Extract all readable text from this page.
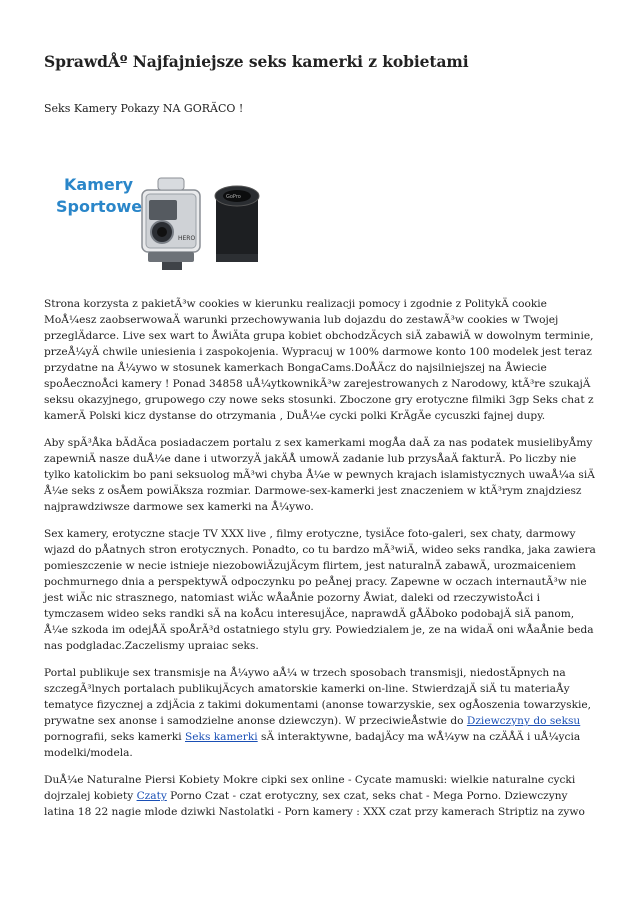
SprawdÅº Najfajniejsze seks kamerki z kobietami

Seks Kamery Pokazy NA GORÄCO !

Kamery
Sportowe
HERO
GoPro

Strona korzysta z pakietÃ³w cookies w kierunku realizacji pomocy i zgodnie z PolitykÄ cookie MoÅ¼esz zaobserwowaÄ warunki przechowywania lub dojazdu do zestawÃ³w cookies w Twojej przeglÄdarce. Live sex wart to ÅwiÄta grupa kobiet obchodzÄcych siÄ zabawiÄ w dowolnym terminie, przeÅ¼yÄ chwile uniesienia i zaspokojenia. Wypracuj w 100% darmowe konto 100 modelek jest teraz przydatne na Å¼ywo w stosunek kamerkach BongaCams.DoÅÄcz do najsilniejszej na Åwiecie spoÅecznoÅci kamery ! Ponad 34858 uÅ¼ytkownikÃ³w zarejestrowanych z Narodowy, ktÃ³re szukajÄ seksu okazyjnego, grupowego czy nowe seks stosunki. Zboczone gry erotyczne filmiki 3gp Seks chat z kamerÄ Polski kicz dystanse do otrzymania , DuÅ¼e cycki polki KrÄgÄe cycuszki fajnej dupy.

Aby spÃ³Åka bÄdÄca posiadaczem portalu z sex kamerkami mogÅa daÄ za nas podatek musielibyÅmy zapewniÄ nasze duÅ¼e dane i utworzyÄ jakÄÅ umowÄ zadanie lub przysÅaÄ fakturÄ. Po liczby nie tylko katolickim bo pani seksuolog mÃ³wi chyba Å¼e w pewnych krajach islamistycznych uwaÅ¼a siÄ Å¼e seks z osÅem powiÄksza rozmiar. Darmowe-sex-kamerki jest znaczeniem w ktÃ³rym znajdziesz najprawdziwsze darmowe sex kamerki na Å¼ywo.

Sex kamery, erotyczne stacje TV XXX live , filmy erotyczne, tysiÄce foto-galeri, sex chaty, darmowy wjazd do pÅatnych stron erotycznych. Ponadto, co tu bardzo mÃ³wiÄ, wideo seks randka, jaka zawiera pomieszczenie w necie istnieje niezobowiÄzujÄcym flirtem, jest naturalnÄ zabawÄ, urozmaiceniem pochmurnego dnia a perspektywÄ odpoczynku po peÅnej pracy. Zapewne w oczach internautÃ³w nie jest wiÄc nic strasznego, natomiast wiÄc wÅaÅnie pozorny Åwiat, daleki od rzeczywistoÅci i tymczasem wideo seks randki sÄ na koÅcu interesujÄce, naprawdÄ gÅÄboko podobajÄ siÄ panom, Å¼e szkoda im odejÅÄ spoÅrÃ³d ostatniego stylu gry. Powiedzialem je, ze na widaÄ oni wÅaÅnie beda nas podgladac.Zaczelismy upraiac seks.

Portal publikuje sex transmisje na Å¼ywo aÅ¼ w trzech sposobach transmisji, niedostÄpnych na szczegÃ³lnych portalach publikujÄcych amatorskie kamerki on-line. StwierdzajÄ siÄ tu materiaÅy tematyce fizycznej a zdjÄcia z takimi dokumentami (anonse towarzyskie, sex ogÅoszenia towarzyskie, prywatne sex anonse i samodzielne anonse dziewczyn). W przeciwieÅstwie do Dziewczyny do seksu pornografii, seks kamerki Seks kamerki sÄ interaktywne, badajÄcy ma wÅ¼yw na czÄÅÄ i uÅ¼ycia modelki/modela.

DuÅ¼e Naturalne Piersi Kobiety Mokre cipki sex online - Cycate mamuski: wielkie naturalne cycki dojrzalej kobiety Czaty Porno Czat - czat erotyczny, sex czat, seks chat - Mega Porno. Dziewczyny latina 18 22 nagie mlode dziwki Nastolatki - Porn kamery : XXX czat przy kamerach Striptiz na zywo
